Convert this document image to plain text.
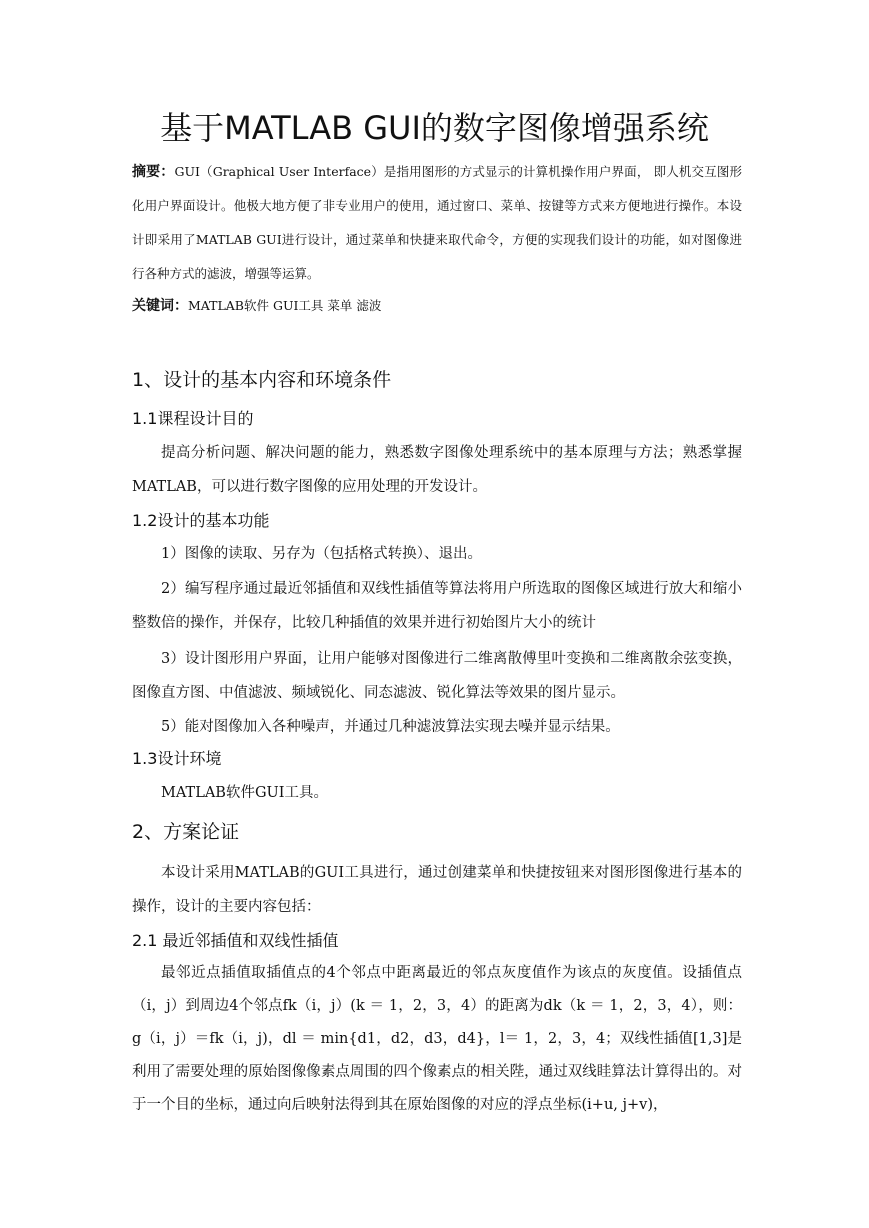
基于MATLAB GUI的数字图像增强系统
摘要：GUI（Graphical User Interface）是指用图形的方式显示的计算机操作用户界面， 即人机交互图形化用户界面设计。他极大地方便了非专业用户的使用，通过窗口、菜单、按键等方式来方便地进行操作。本设计即采用了MATLAB GUI进行设计，通过菜单和快捷来取代命令，方便的实现我们设计的功能，如对图像进行各种方式的滤波，增强等运算。
关键词：MATLAB软件 GUI工具 菜单 滤波
1、设计的基本内容和环境条件
1.1课程设计目的
提高分析问题、解决问题的能力，熟悉数字图像处理系统中的基本原理与方法；熟悉掌握MATLAB，可以进行数字图像的应用处理的开发设计。
1.2设计的基本功能
1）图像的读取、另存为（包括格式转换）、退出。
2）编写程序通过最近邻插值和双线性插值等算法将用户所选取的图像区域进行放大和缩小整数倍的操作，并保存，比较几种插值的效果并进行初始图片大小的统计
3）设计图形用户界面，让用户能够对图像进行二维离散傅里叶变换和二维离散余弦变换，图像直方图、中值滤波、频域锐化、同态滤波、锐化算法等效果的图片显示。
5）能对图像加入各种噪声，并通过几种滤波算法实现去噪并显示结果。
1.3设计环境
MATLAB软件GUI工具。
2、方案论证
本设计采用MATLAB的GUI工具进行，通过创建菜单和快捷按钮来对图形图像进行基本的操作，设计的主要内容包括：
2.1 最近邻插值和双线性插值
最邻近点插值取插值点的4个邻点中距离最近的邻点灰度值作为该点的灰度值。设插值点（i，j）到周边4个邻点fk（i，j）(k ＝ 1，2，3，4）的距离为dk（k ＝ 1，2，3，4），则：g（i，j）＝fk（i，j)，dl ＝ min{d1，d2，d3，d4}，l＝ 1，2，3，4；双线性插值[1,3]是利用了需要处理的原始图像像素点周围的四个像素点的相关陛，通过双线眭算法计算得出的。对于一个目的坐标，通过向后映射法得到其在原始图像的对应的浮点坐标(i+u, j+v)，
